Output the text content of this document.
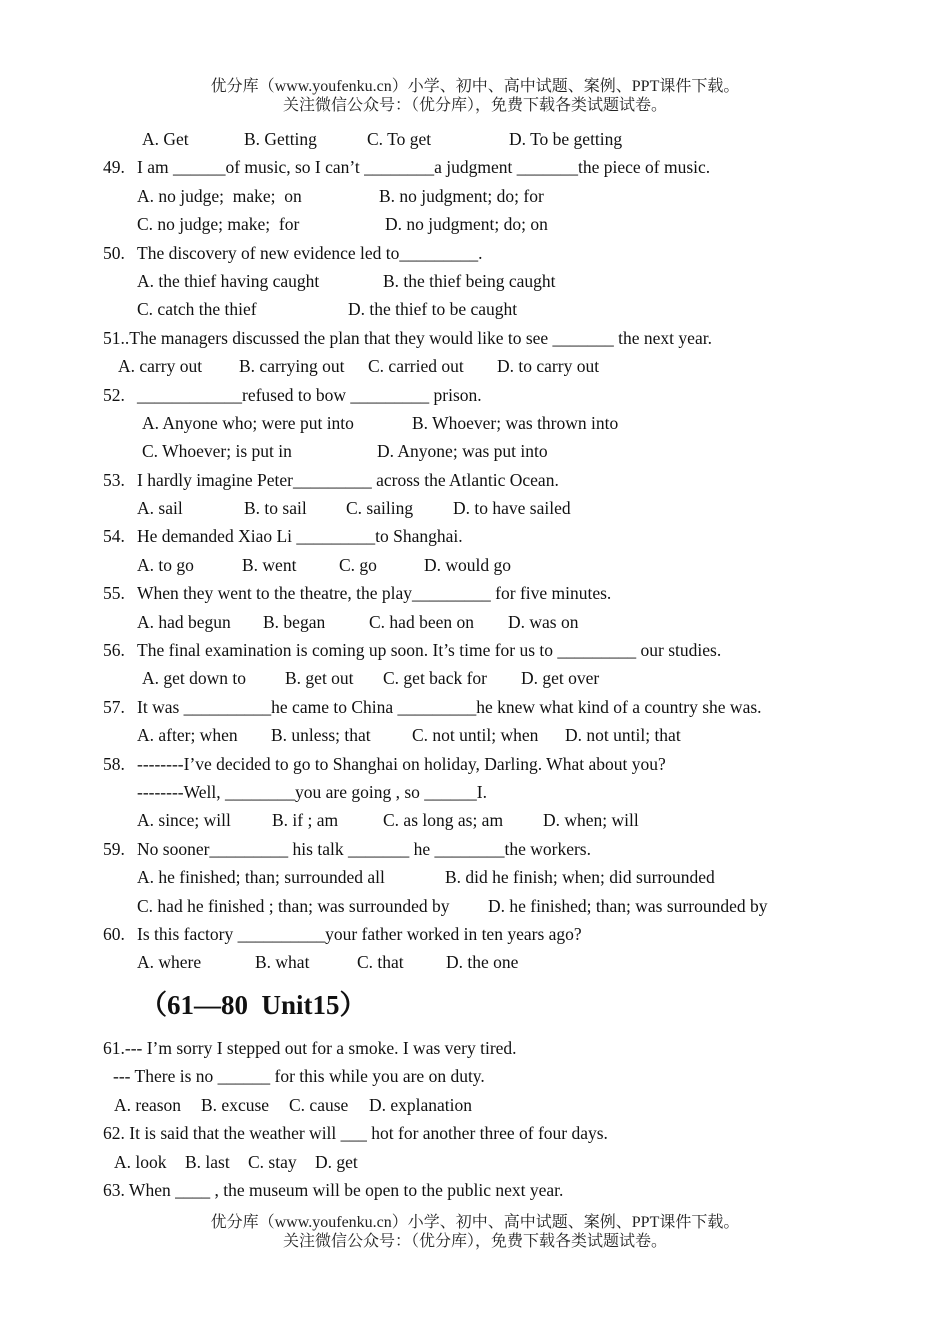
优分库（www.youfenku.cn）小学、初中、高中试题、案例、PPT课件下载。
关注微信公众号：（优分库），免费下载各类试题试卷。
A. Get	B. Getting	C. To get	D. To be getting
49. I am ______of music, so I can’t ________a judgment _______the piece of music.
A. no judge;  make;  on	B. no judgment; do; for
C. no judge; make;  for	D. no judgment; do; on
50. The discovery of new evidence led to_________.
A. the thief having caught	B. the thief being caught
C. catch the thief	D. the thief to be caught
51..The managers discussed the plan that they would like to see _______ the next year.
A. carry out B. carrying out C. carried out D. to carry out
52. ____________refused to bow _________ prison.
A. Anyone who; were put into	B. Whoever; was thrown into
C. Whoever; is put in	D. Anyone; was put into
53. I hardly imagine Peter_________ across the Atlantic Ocean.
A. sail	B. to sail C. sailing D. to have sailed
54. He demanded Xiao Li _________to Shanghai.
A. to go	B. went C. go	D. would go
55. When they went to the theatre, the play_________ for five minutes.
A. had begun B. began	C. had been on D. was on
56. The final examination is coming up soon. It’s time for us to _________ our studies.
A. get down to B. get out C. get back for D. get over
57. It was __________he came to China _________he knew what kind of a country she was.
A. after; when B. unless; that C. not until; when D. not until; that
58. --------I’ve decided to go to Shanghai on holiday, Darling. What about you?
--------Well, ________you are going , so ______I.
A. since; will B. if ; am	C. as long as; am D. when; will
59. No sooner_________ his talk _______ he ________the workers.
A. he finished; than; surrounded all	B. did he finish; when; did surrounded
C. had he finished ; than; was surrounded by D. he finished; than; was surrounded by
60. Is this factory __________your father worked in ten years ago?
A. where	B. what	C. that D. the one
（61—80  Unit15）
61.--- I’m sorry I stepped out for a smoke. I was very tired.
--- There is no ______ for this while you are on duty.
A. reason B. excuse C. cause D. explanation
62. It is said that the weather will ___ hot for another three of four days.
A. look B. last C. stay D. get
63. When ____ , the museum will be open to the public next year.
优分库（www.youfenku.cn）小学、初中、高中试题、案例、PPT课件下载。
关注微信公众号：（优分库），免费下载各类试题试卷。
